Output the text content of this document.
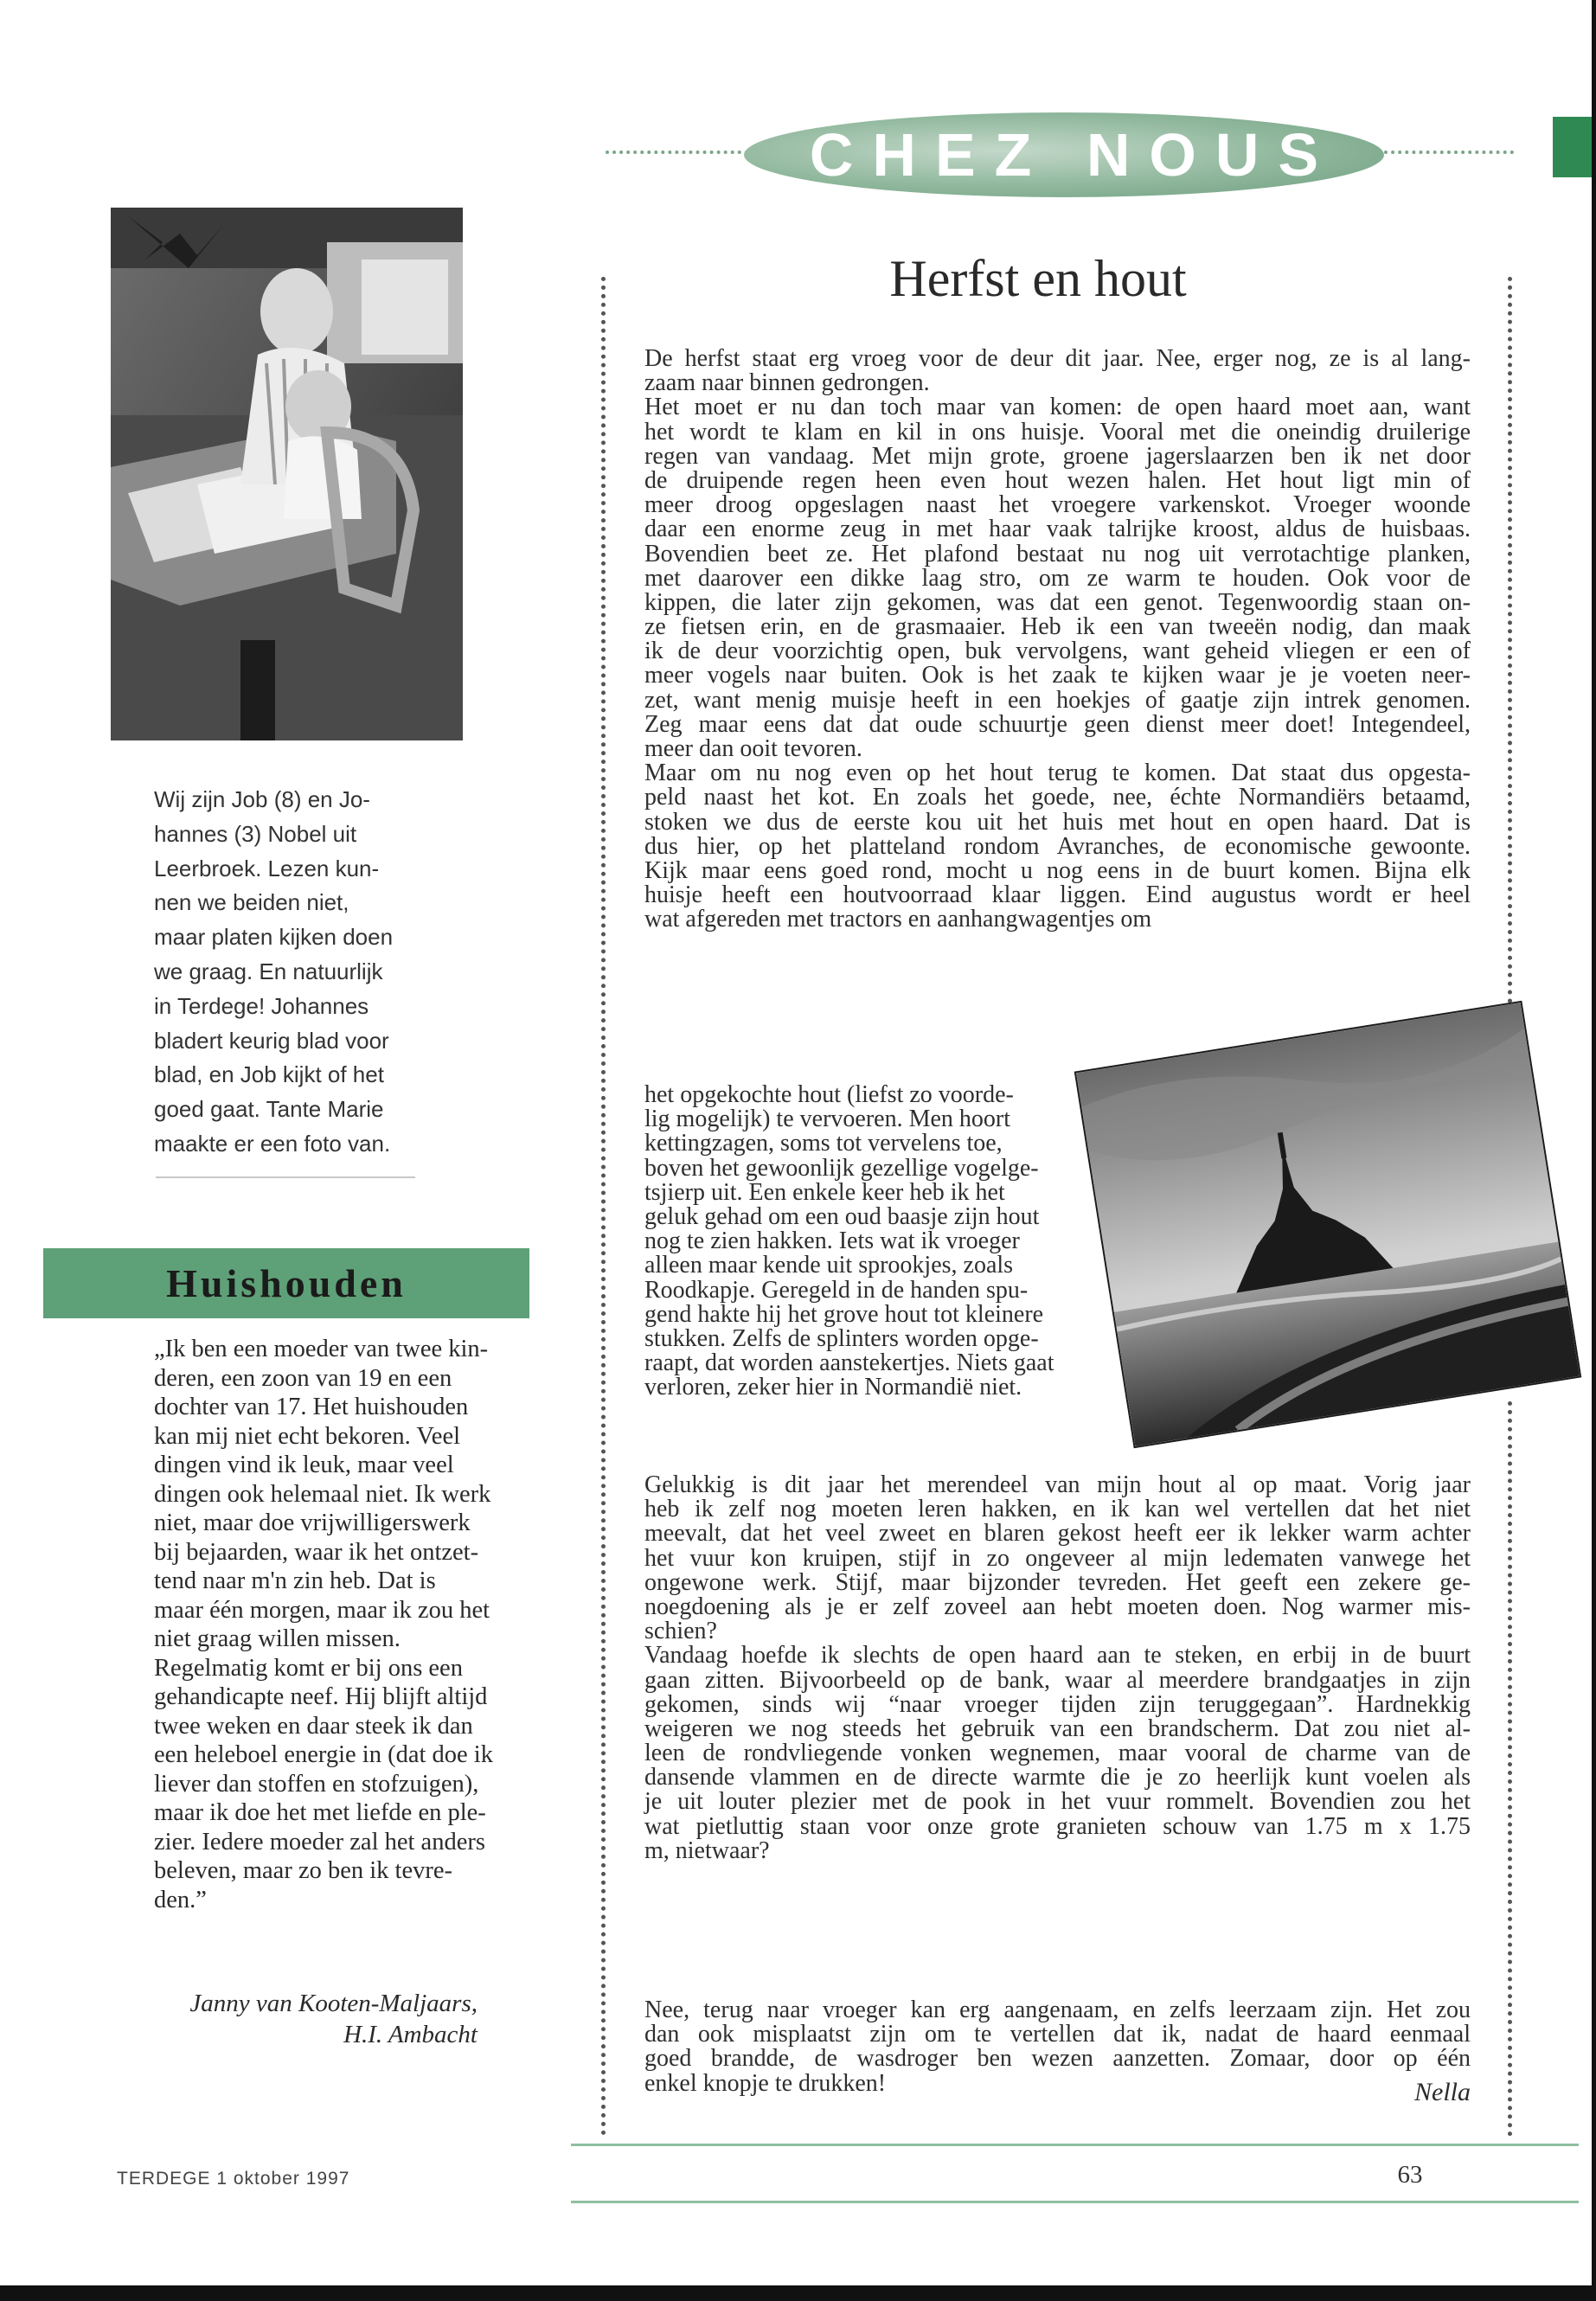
CHEZ NOUS
Herfst en hout
Wij zijn Job (8) en Jo-
hannes (3) Nobel uit
Leerbroek. Lezen kun-
nen we beiden niet,
maar platen kijken doen
we graag. En natuurlijk
in Terdege! Johannes
bladert keurig blad voor
blad, en Job kijkt of het
goed gaat. Tante Marie
maakte er een foto van.
Huishouden
„Ik ben een moeder van twee kin-
deren, een zoon van 19 en een
dochter van 17. Het huishouden
kan mij niet echt bekoren. Veel
dingen vind ik leuk, maar veel
dingen ook helemaal niet. Ik werk
niet, maar doe vrijwilligerswerk
bij bejaarden, waar ik het ontzet-
tend naar m'n zin heb. Dat is
maar één morgen, maar ik zou het
niet graag willen missen.
Regelmatig komt er bij ons een
gehandicapte neef. Hij blijft altijd
twee weken en daar steek ik dan
een heleboel energie in (dat doe ik
liever dan stoffen en stofzuigen),
maar ik doe het met liefde en ple-
zier. Iedere moeder zal het anders
beleven, maar zo ben ik tevre-
den.”
Janny van Kooten-Maljaars,
H.I. Ambacht
De herfst staat erg vroeg voor de deur dit jaar. Nee, erger nog, ze is al lang-
zaam naar binnen gedrongen.
Het moet er nu dan toch maar van komen: de open haard moet aan, want
het wordt te klam en kil in ons huisje. Vooral met die oneindig druilerige
regen van vandaag. Met mijn grote, groene jagerslaarzen ben ik net door
de druipende regen heen even hout wezen halen. Het hout ligt min of
meer droog opgeslagen naast het vroegere varkenskot. Vroeger woonde
daar een enorme zeug in met haar vaak talrijke kroost, aldus de huisbaas.
Bovendien beet ze. Het plafond bestaat nu nog uit verrotachtige planken,
met daarover een dikke laag stro, om ze warm te houden. Ook voor de
kippen, die later zijn gekomen, was dat een genot. Tegenwoordig staan on-
ze fietsen erin, en de grasmaaier. Heb ik een van tweeën nodig, dan maak
ik de deur voorzichtig open, buk vervolgens, want geheid vliegen er een of
meer vogels naar buiten. Ook is het zaak te kijken waar je je voeten neer-
zet, want menig muisje heeft in een hoekjes of gaatje zijn intrek genomen.
Zeg maar eens dat dat oude schuurtje geen dienst meer doet! Integendeel,
meer dan ooit tevoren.
Maar om nu nog even op het hout terug te komen. Dat staat dus opgesta-
peld naast het kot. En zoals het goede, nee, échte Normandiërs betaamd,
stoken we dus de eerste kou uit het huis met hout en open haard. Dat is
dus hier, op het platteland rondom Avranches, de economische gewoonte.
Kijk maar eens goed rond, mocht u nog eens in de buurt komen. Bijna elk
huisje heeft een houtvoorraad klaar liggen. Eind augustus wordt er heel
wat afgereden met tractors en aanhangwagentjes om
het opgekochte hout (liefst zo voorde-
lig mogelijk) te vervoeren. Men hoort
kettingzagen, soms tot vervelens toe,
boven het gewoonlijk gezellige vogelge-
tsjierp uit. Een enkele keer heb ik het
geluk gehad om een oud baasje zijn hout
nog te zien hakken. Iets wat ik vroeger
alleen maar kende uit sprookjes, zoals
Roodkapje. Geregeld in de handen spu-
gend hakte hij het grove hout tot kleinere
stukken. Zelfs de splinters worden opge-
raapt, dat worden aanstekertjes. Niets gaat
verloren, zeker hier in Normandië niet.
Gelukkig is dit jaar het merendeel van mijn hout al op maat. Vorig jaar
heb ik zelf nog moeten leren hakken, en ik kan wel vertellen dat het niet
meevalt, dat het veel zweet en blaren gekost heeft eer ik lekker warm achter
het vuur kon kruipen, stijf in zo ongeveer al mijn ledematen vanwege het
ongewone werk. Stijf, maar bijzonder tevreden. Het geeft een zekere ge-
noegdoening als je er zelf zoveel aan hebt moeten doen. Nog warmer mis-
schien?
Vandaag hoefde ik slechts de open haard aan te steken, en erbij in de buurt
gaan zitten. Bijvoorbeeld op de bank, waar al meerdere brandgaatjes in zijn
gekomen, sinds wij “naar vroeger tijden zijn teruggegaan”. Hardnekkig
weigeren we nog steeds het gebruik van een brandscherm. Dat zou niet al-
leen de rondvliegende vonken wegnemen, maar vooral de charme van de
dansende vlammen en de directe warmte die je zo heerlijk kunt voelen als
je uit louter plezier met de pook in het vuur rommelt. Bovendien zou het
wat pietluttig staan voor onze grote granieten schouw van 1.75 m x 1.75
m, nietwaar?
Nee, terug naar vroeger kan erg aangenaam, en zelfs leerzaam zijn. Het zou
dan ook misplaatst zijn om te vertellen dat ik, nadat de haard eenmaal
goed brandde, de wasdroger ben wezen aanzetten. Zomaar, door op één
enkel knopje te drukken!	Nella
TERDEGE 1 oktober 1997	63
